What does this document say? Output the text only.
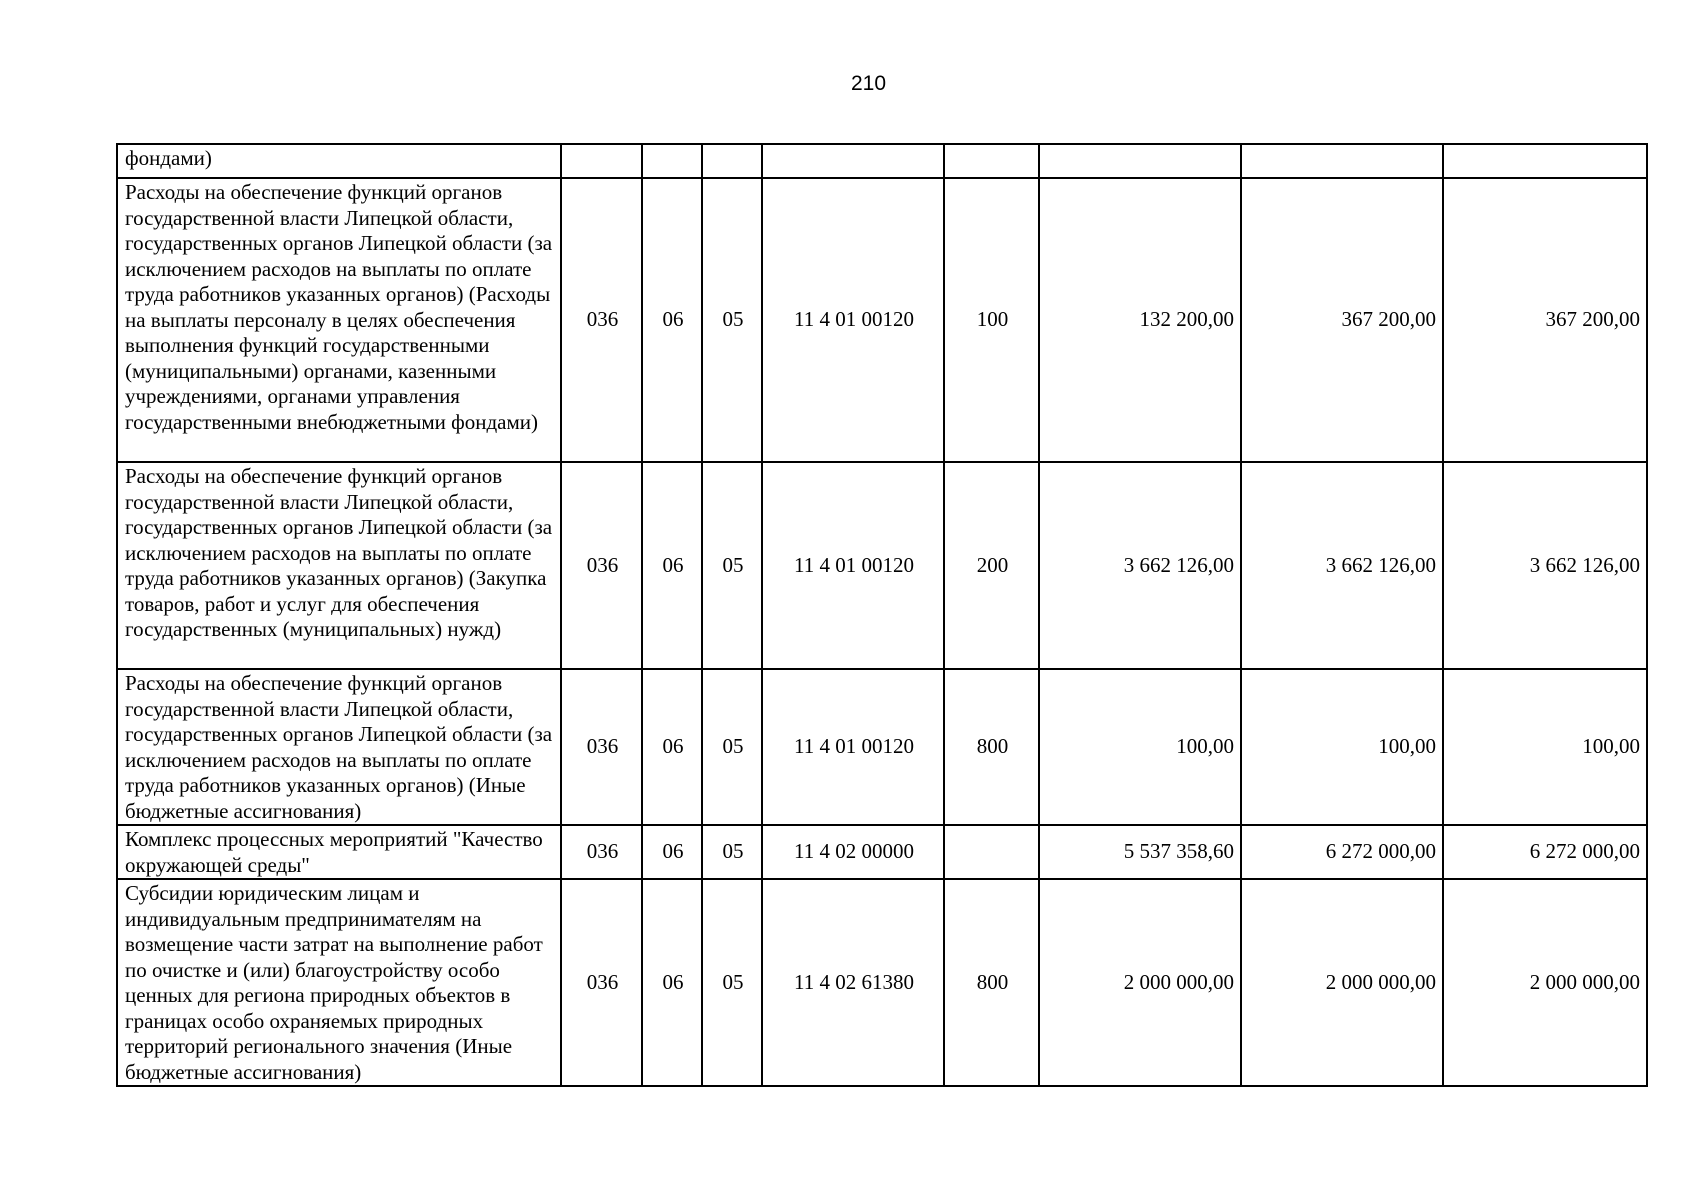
210
фондами)								
Расходы на обеспечение функций органов государственной власти Липецкой области, государственных органов Липецкой области (за исключением расходов на выплаты по оплате труда работников указанных органов) (Расходы на выплаты персоналу в целях обеспечения выполнения функций государственными (муниципальными) органами, казенными учреждениями, органами управления государственными внебюджетными фондами)	036	06	05	11 4 01 00120	100	132 200,00	367 200,00	367 200,00
Расходы на обеспечение функций органов государственной власти Липецкой области, государственных органов Липецкой области (за исключением расходов на выплаты по оплате труда работников указанных органов) (Закупка товаров, работ и услуг для обеспечения государственных (муниципальных) нужд)	036	06	05	11 4 01 00120	200	3 662 126,00	3 662 126,00	3 662 126,00
Расходы на обеспечение функций органов государственной власти Липецкой области, государственных органов Липецкой области (за исключением расходов на выплаты по оплате труда работников указанных органов) (Иные бюджетные ассигнования)	036	06	05	11 4 01 00120	800	100,00	100,00	100,00
Комплекс процессных мероприятий "Качество окружающей среды"	036	06	05	11 4 02 00000		5 537 358,60	6 272 000,00	6 272 000,00
Субсидии юридическим лицам и индивидуальным предпринимателям на возмещение части затрат на выполнение работ по очистке и (или) благоустройству особо ценных для региона природных объектов в границах особо охраняемых природных территорий регионального значения (Иные бюджетные ассигнования)	036	06	05	11 4 02 61380	800	2 000 000,00	2 000 000,00	2 000 000,00
